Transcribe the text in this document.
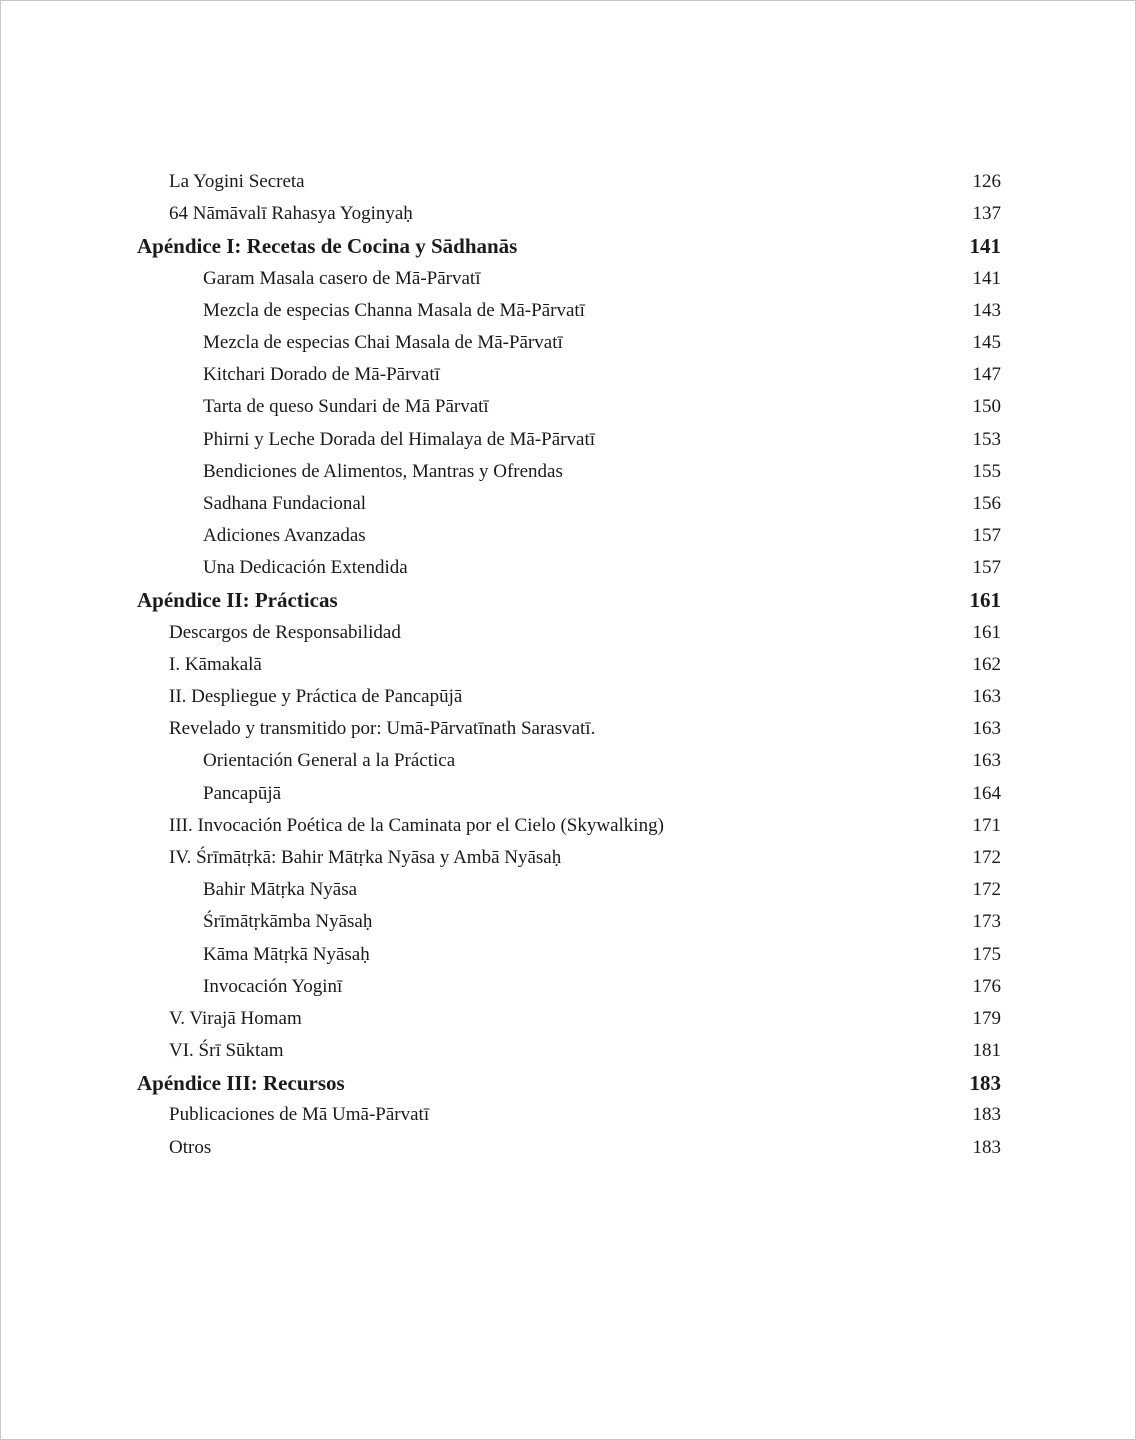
La Yogini Secreta	126
64 Nāmāvalī Rahasya Yoginyaḥ	137
Apéndice I: Recetas de Cocina y Sādhanās	141
Garam Masala casero de Mā-Pārvatī	141
Mezcla de especias Channa Masala de Mā-Pārvatī	143
Mezcla de especias Chai Masala de Mā-Pārvatī	145
Kitchari Dorado de Mā-Pārvatī	147
Tarta de queso Sundari de Mā Pārvatī	150
Phirni y Leche Dorada del Himalaya de Mā-Pārvatī	153
Bendiciones de Alimentos, Mantras y Ofrendas	155
Sadhana Fundacional	156
Adiciones Avanzadas	157
Una Dedicación Extendida	157
Apéndice II: Prácticas	161
Descargos de Responsabilidad	161
I. Kāmakalā	162
II. Despliegue y Práctica de Pancapūjā	163
Revelado y transmitido por: Umā-Pārvatīnath Sarasvatī.	163
Orientación General a la Práctica	163
Pancapūjā	164
III. Invocación Poética de la Caminata por el Cielo (Skywalking)	171
IV. Śrīmātṛkā: Bahir Mātṛka Nyāsa y Ambā Nyāsaḥ	172
Bahir Mātṛka Nyāsa	172
Śrīmātṛkāmba Nyāsaḥ	173
Kāma Mātṛkā Nyāsaḥ	175
Invocación Yoginī	176
V. Virajā Homam	179
VI. Śrī Sūktam	181
Apéndice III: Recursos	183
Publicaciones de Mā Umā-Pārvatī	183
Otros	183
